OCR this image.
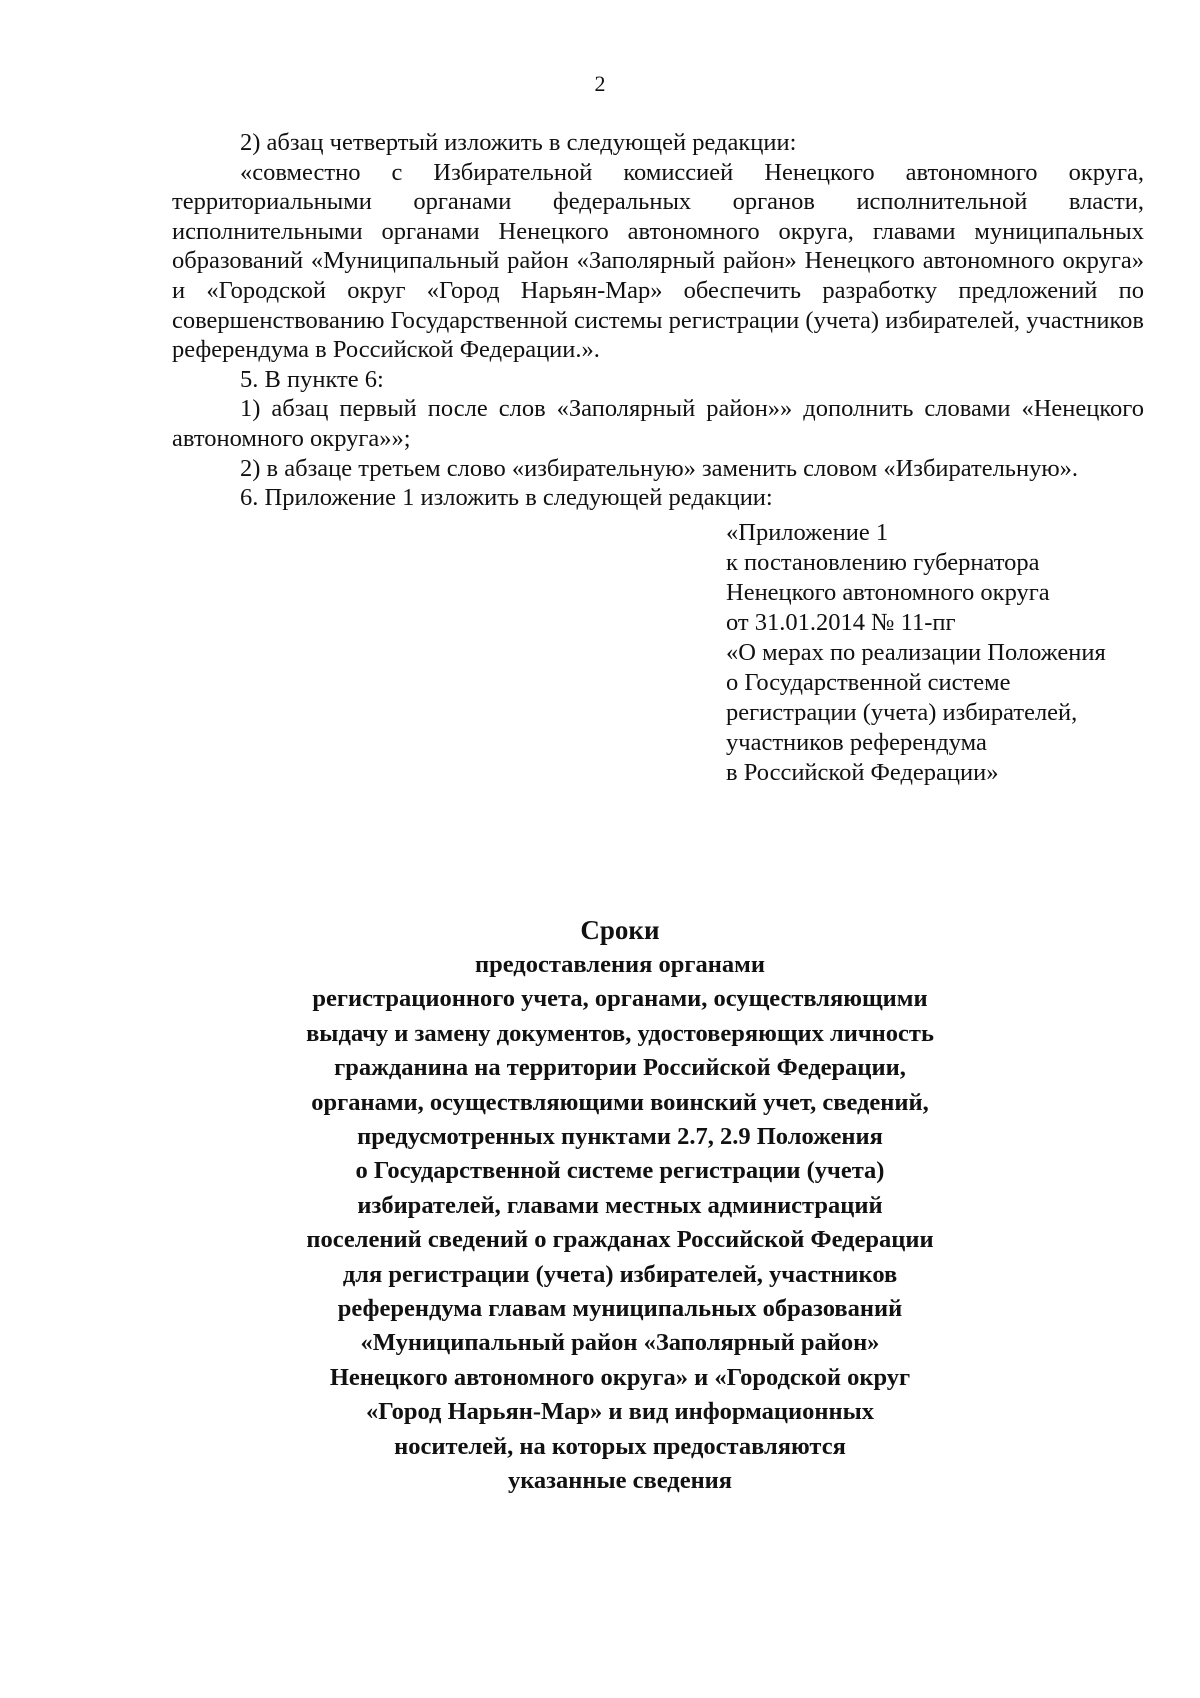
2

2) абзац четвертый изложить в следующей редакции:

«совместно с Избирательной комиссией Ненецкого автономного округа, территориальными органами федеральных органов исполнительной власти, исполнительными органами Ненецкого автономного округа, главами муниципальных образований «Муниципальный район «Заполярный район» Ненецкого автономного округа» и «Городской округ «Город Нарьян-Мар» обеспечить разработку предложений по совершенствованию Государственной системы регистрации (учета) избирателей, участников референдума в Российской Федерации.».

5. В пункте 6:

1) абзац первый после слов «Заполярный район»» дополнить словами «Ненецкого автономного округа»»;

2) в абзаце третьем слово «избирательную» заменить словом «Избирательную».

6. Приложение 1 изложить в следующей редакции:

«Приложение 1
к постановлению губернатора
Ненецкого автономного округа
от 31.01.2014 № 11-пг
«О мерах по реализации Положения
о Государственной системе
регистрации (учета) избирателей,
участников референдума
в Российской Федерации»
Сроки
предоставления органами
регистрационного учета, органами, осуществляющими
выдачу и замену документов, удостоверяющих личность
гражданина на территории Российской Федерации,
органами, осуществляющими воинский учет, сведений,
предусмотренных пунктами 2.7, 2.9 Положения
о Государственной системе регистрации (учета)
избирателей, главами местных администраций
поселений сведений о гражданах Российской Федерации
для регистрации (учета) избирателей, участников
референдума главам муниципальных образований
«Муниципальный район «Заполярный район»
Ненецкого автономного округа» и «Городской округ
«Город Нарьян-Мар» и вид информационных
носителей, на которых предоставляются
указанные сведения
